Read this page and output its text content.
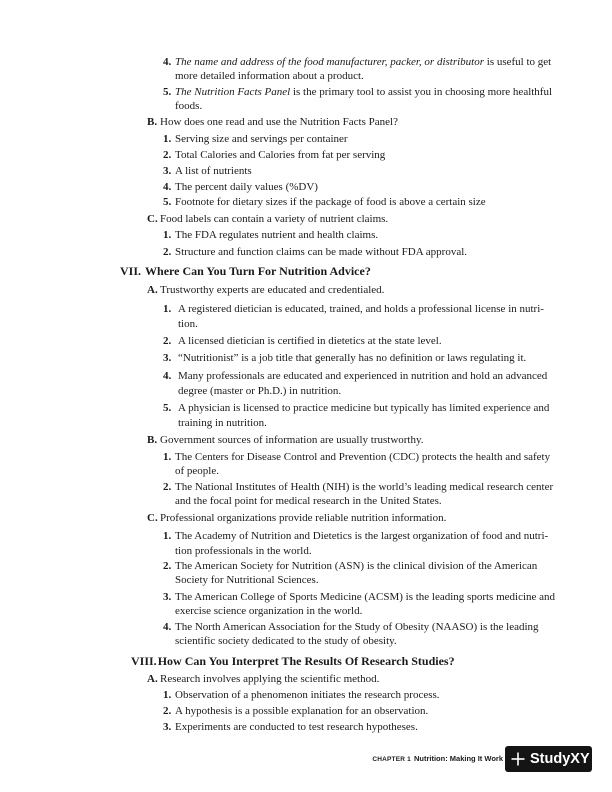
4. The name and address of the food manufacturer, packer, or distributor is useful to get
more detailed information about a product.
5. The Nutrition Facts Panel is the primary tool to assist you in choosing more healthful
foods.
B. How does one read and use the Nutrition Facts Panel?
1. Serving size and servings per container
2. Total Calories and Calories from fat per serving
3. A list of nutrients
4. The percent daily values (%DV)
5. Footnote for dietary sizes if the package of food is above a certain size
C. Food labels can contain a variety of nutrient claims.
1. The FDA regulates nutrient and health claims.
2. Structure and function claims can be made without FDA approval.
VII. Where Can You Turn For Nutrition Advice?
A. Trustworthy experts are educated and credentialed.
1. A registered dietician is educated, trained, and holds a professional license in nutri-
tion.
2. A licensed dietician is certified in dietetics at the state level.
3. “Nutritionist” is a job title that generally has no definition or laws regulating it.
4. Many professionals are educated and experienced in nutrition and hold an advanced
degree (master or Ph.D.) in nutrition.
5. A physician is licensed to practice medicine but typically has limited experience and
training in nutrition.
B. Government sources of information are usually trustworthy.
1. The Centers for Disease Control and Prevention (CDC) protects the health and safety
of people.
2. The National Institutes of Health (NIH) is the world’s leading medical research center
and the focal point for medical research in the United States.
C. Professional organizations provide reliable nutrition information.
1. The Academy of Nutrition and Dietetics is the largest organization of food and nutri-
tion professionals in the world.
2. The American Society for Nutrition (ASN) is the clinical division of the American
Society for Nutritional Sciences.
3. The American College of Sports Medicine (ACSM) is the leading sports medicine and
exercise science organization in the world.
4. The North American Association for the Study of Obesity (NAASO) is the leading
scientific society dedicated to the study of obesity.
VIII.How Can You Interpret The Results Of Research Studies?
A. Research involves applying the scientific method.
1. Observation of a phenomenon initiates the research process.
2. A hypothesis is a possible explanation for an observation.
3. Experiments are conducted to test research hypotheses.
CHAPTER 1 Nutrition: Making It Work StudyXY
